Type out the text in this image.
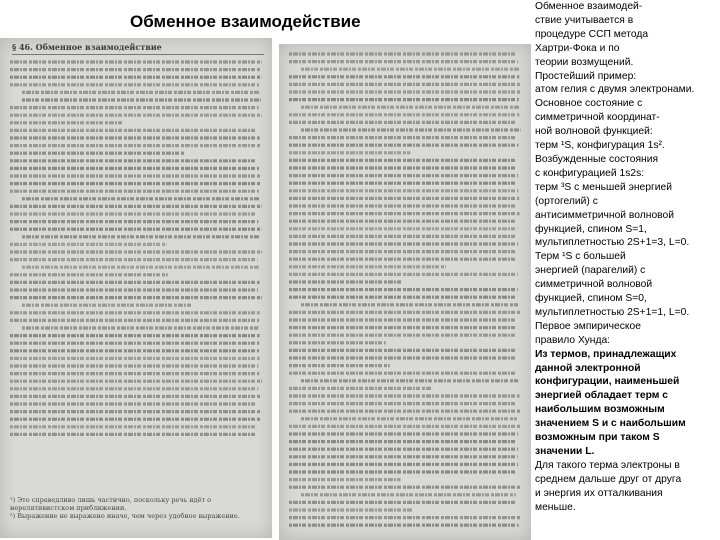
Обменное взаимодействие
§ 46. Обменное взаимодействие
¹) Это справедливо лишь частично, поскольку речь идёт о нерелятивистском приближении.
²) Выражение не выражено иначе, чем через удобное выражение.
Обменное взаимодей-
ствие учитывается в
процедуре ССП метода
Хартри-Фока и по
теории возмущений.
Простейший пример:
атом гелия с двумя электронами.
Основное состояние с
симметричной координат-
ной волновой функцией:
терм ¹S, конфигурация 1s².
Возбужденные состояния
с конфигурацией 1s2s:
терм ³S с меньшей энергией
(ортогелий) с
антисимметричной волновой
функцией, спином S=1,
мультиплетностью 2S+1=3, L=0.
Терм ¹S с большей
энергией (парагелий) с
симметричной волновой
функцией, спином S=0,
мультиплетностью 2S+1=1, L=0.
Первое эмпирическое
правило Хунда:
Из термов, принадлежащих
данной электронной
конфигурации, наименьшей
энергией обладает терм с
наибольшим возможным
значением S и с наибольшим
возможным при таком S
значении L.
Для такого терма электроны в
среднем дальше друг от друга
и энергия их отталкивания
меньше.
